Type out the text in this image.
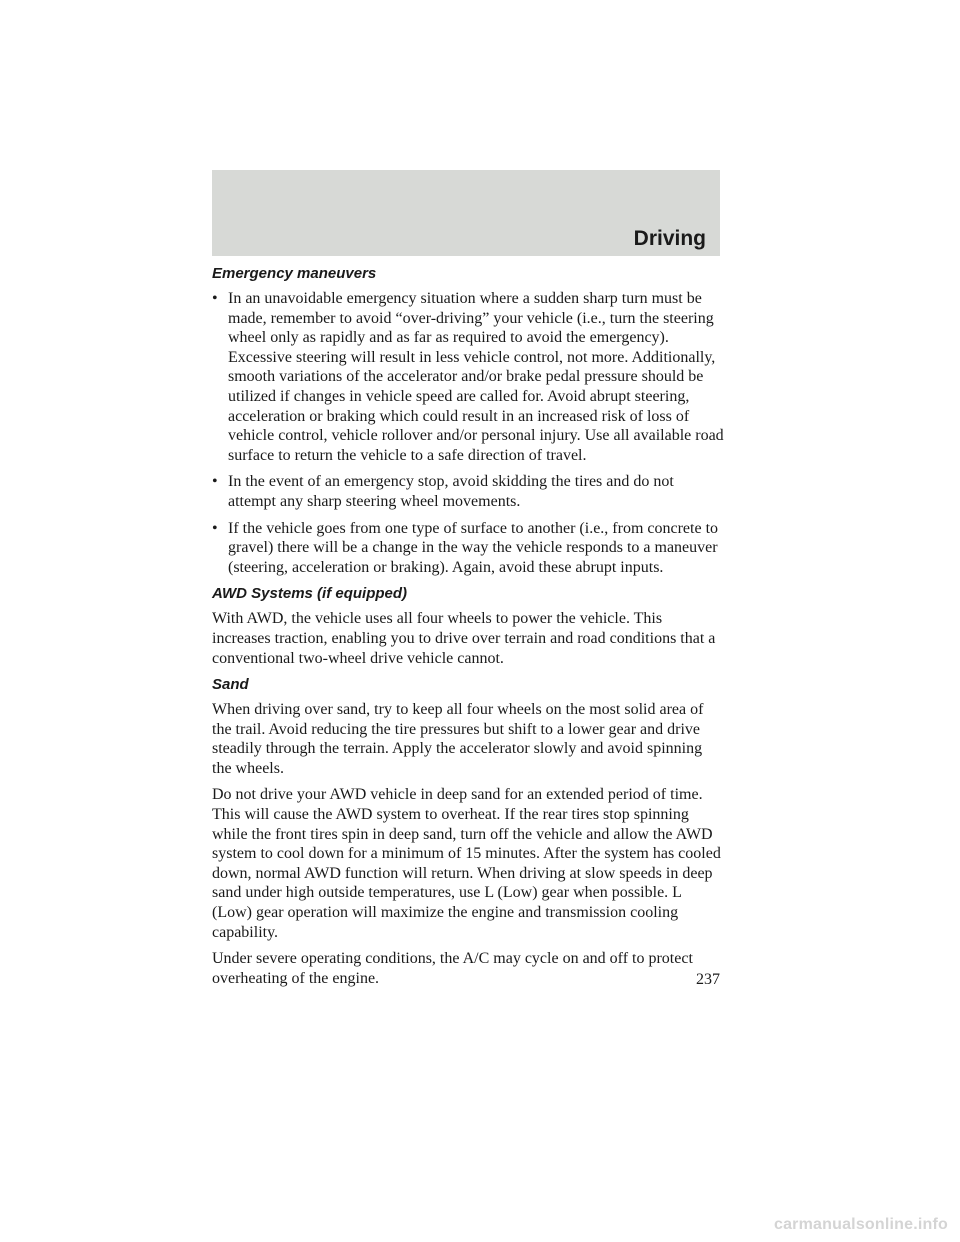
Driving
Emergency maneuvers
• In an unavoidable emergency situation where a sudden sharp turn must be made, remember to avoid “over-driving” your vehicle (i.e., turn the steering wheel only as rapidly and as far as required to avoid the emergency). Excessive steering will result in less vehicle control, not more. Additionally, smooth variations of the accelerator and/or brake pedal pressure should be utilized if changes in vehicle speed are called for. Avoid abrupt steering, acceleration or braking which could result in an increased risk of loss of vehicle control, vehicle rollover and/or personal injury. Use all available road surface to return the vehicle to a safe direction of travel.
• In the event of an emergency stop, avoid skidding the tires and do not attempt any sharp steering wheel movements.
• If the vehicle goes from one type of surface to another (i.e., from concrete to gravel) there will be a change in the way the vehicle responds to a maneuver (steering, acceleration or braking). Again, avoid these abrupt inputs.
AWD Systems (if equipped)

With AWD, the vehicle uses all four wheels to power the vehicle. This increases traction, enabling you to drive over terrain and road conditions that a conventional two-wheel drive vehicle cannot.

Sand

When driving over sand, try to keep all four wheels on the most solid area of the trail. Avoid reducing the tire pressures but shift to a lower gear and drive steadily through the terrain. Apply the accelerator slowly and avoid spinning the wheels.

Do not drive your AWD vehicle in deep sand for an extended period of time. This will cause the AWD system to overheat. If the rear tires stop spinning while the front tires spin in deep sand, turn off the vehicle and allow the AWD system to cool down for a minimum of 15 minutes. After the system has cooled down, normal AWD function will return. When driving at slow speeds in deep sand under high outside temperatures, use L (Low) gear when possible. L (Low) gear operation will maximize the engine and transmission cooling capability.

Under severe operating conditions, the A/C may cycle on and off to protect overheating of the engine.	237
carmanualsonline.info
